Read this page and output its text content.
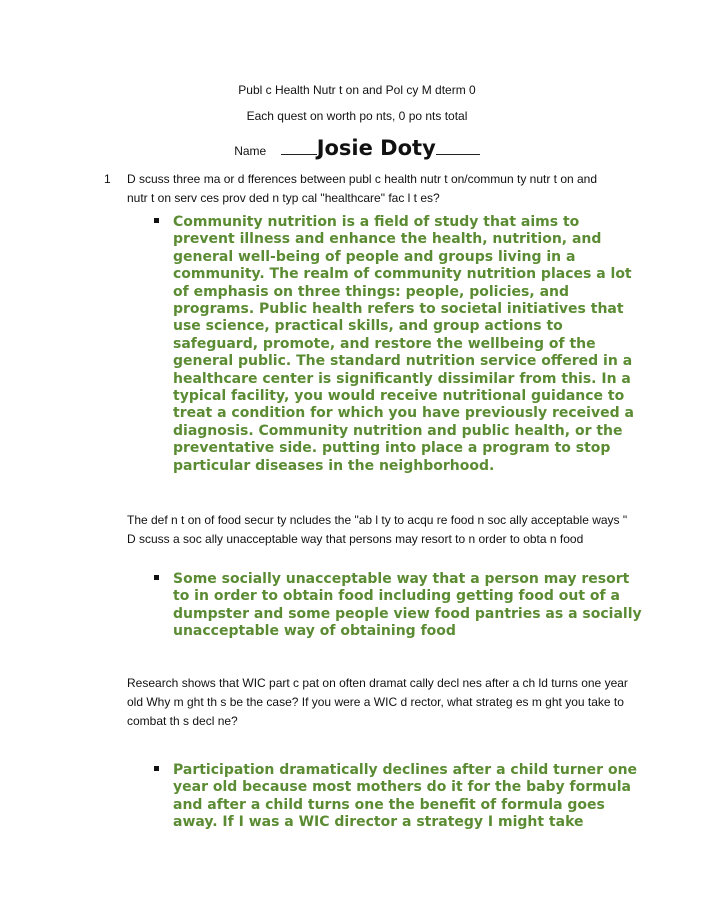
Publ c Health Nutr t on and Pol cy M dterm 0
Each quest on worth po nts, 0 po nts total
Name Josie Doty
1 D scuss three ma or d fferences between publ c health nutr t on/commun ty nutr t on and
nutr t on serv ces prov ded n typ cal "healthcare" fac l t es?
Community nutrition is a field of study that aims to prevent illness and enhance the health, nutrition, and general well-being of people and groups living in a community. The realm of community nutrition places a lot of emphasis on three things: people, policies, and programs. Public health refers to societal initiatives that use science, practical skills, and group actions to safeguard, promote, and restore the wellbeing of the general public. The standard nutrition service offered in a healthcare center is significantly dissimilar from this. In a typical facility, you would receive nutritional guidance to treat a condition for which you have previously received a diagnosis. Community nutrition and public health, or the preventative side. putting into place a program to stop particular diseases in the neighborhood.
The def n t on of food secur ty ncludes the "ab l ty to acqu re food n soc ally acceptable ways "
D scuss a soc ally unacceptable way that persons may resort to n order to obta n food
Some socially unacceptable way that a person may resort to in order to obtain food including getting food out of a dumpster and some people view food pantries as a socially unacceptable way of obtaining food
Research shows that WIC part c pat on often dramat cally decl nes after a ch ld turns one year
old Why m ght th s be the case? If you were a WIC d rector, what strateg es m ght you take to
combat th s decl ne?
Participation dramatically declines after a child turner one year old because most mothers do it for the baby formula and after a child turns one the benefit of formula goes away. If I was a WIC director a strategy I might take
